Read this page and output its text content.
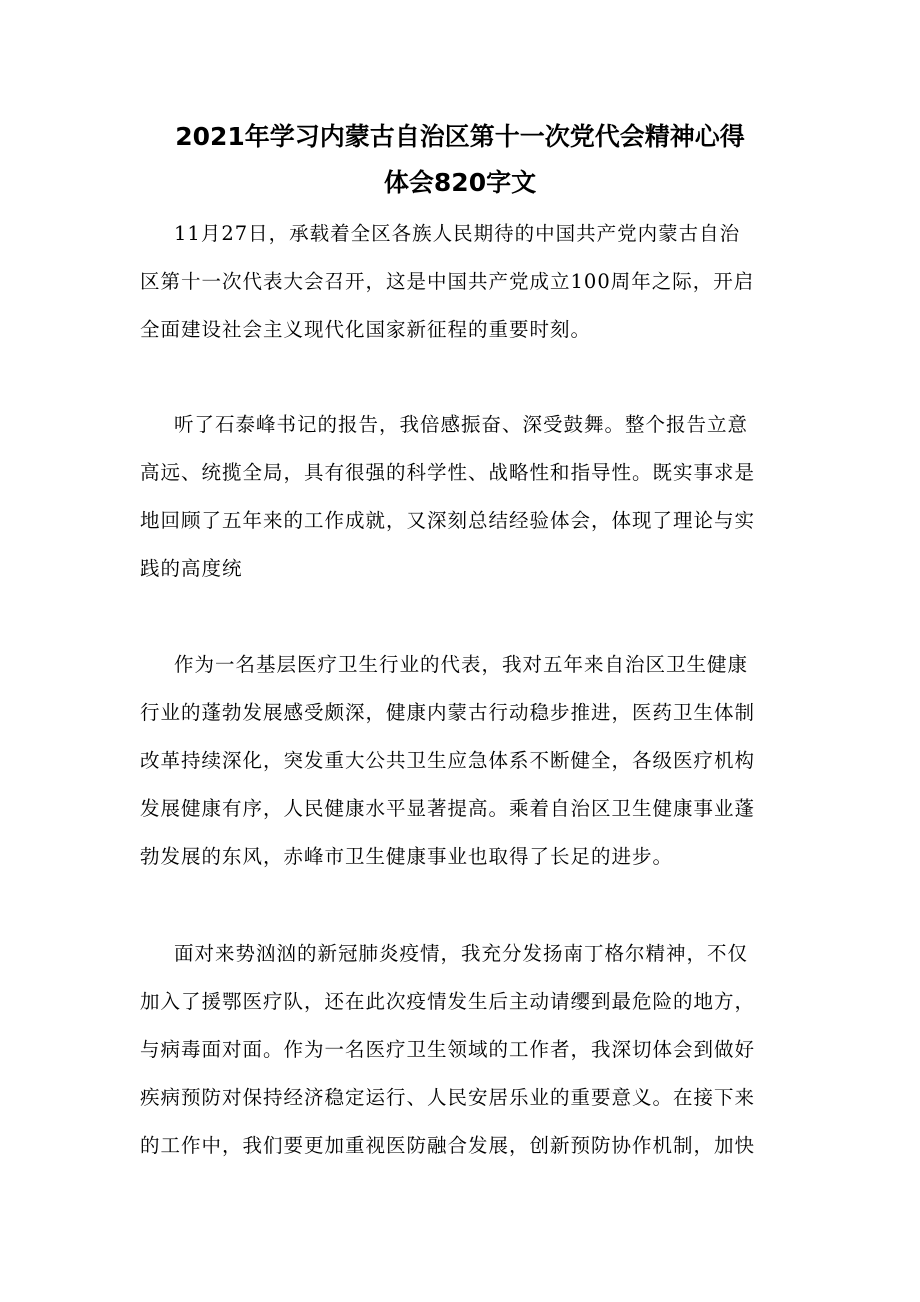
2021年学习内蒙古自治区第十一次党代会精神心得
体会820字文

11月27日，承载着全区各族人民期待的中国共产党内蒙古自治
区第十一次代表大会召开，这是中国共产党成立100周年之际，开启
全面建设社会主义现代化国家新征程的重要时刻。

听了石泰峰书记的报告，我倍感振奋、深受鼓舞。整个报告立意
高远、统揽全局，具有很强的科学性、战略性和指导性。既实事求是
地回顾了五年来的工作成就，又深刻总结经验体会，体现了理论与实
践的高度统

作为一名基层医疗卫生行业的代表，我对五年来自治区卫生健康
行业的蓬勃发展感受颇深，健康内蒙古行动稳步推进，医药卫生体制
改革持续深化，突发重大公共卫生应急体系不断健全，各级医疗机构
发展健康有序，人民健康水平显著提高。乘着自治区卫生健康事业蓬
勃发展的东风，赤峰市卫生健康事业也取得了长足的进步。

面对来势汹汹的新冠肺炎疫情，我充分发扬南丁格尔精神，不仅
加入了援鄂医疗队，还在此次疫情发生后主动请缨到最危险的地方，
与病毒面对面。作为一名医疗卫生领域的工作者，我深切体会到做好
疾病预防对保持经济稳定运行、人民安居乐业的重要意义。在接下来
的工作中，我们要更加重视医防融合发展，创新预防协作机制，加快
